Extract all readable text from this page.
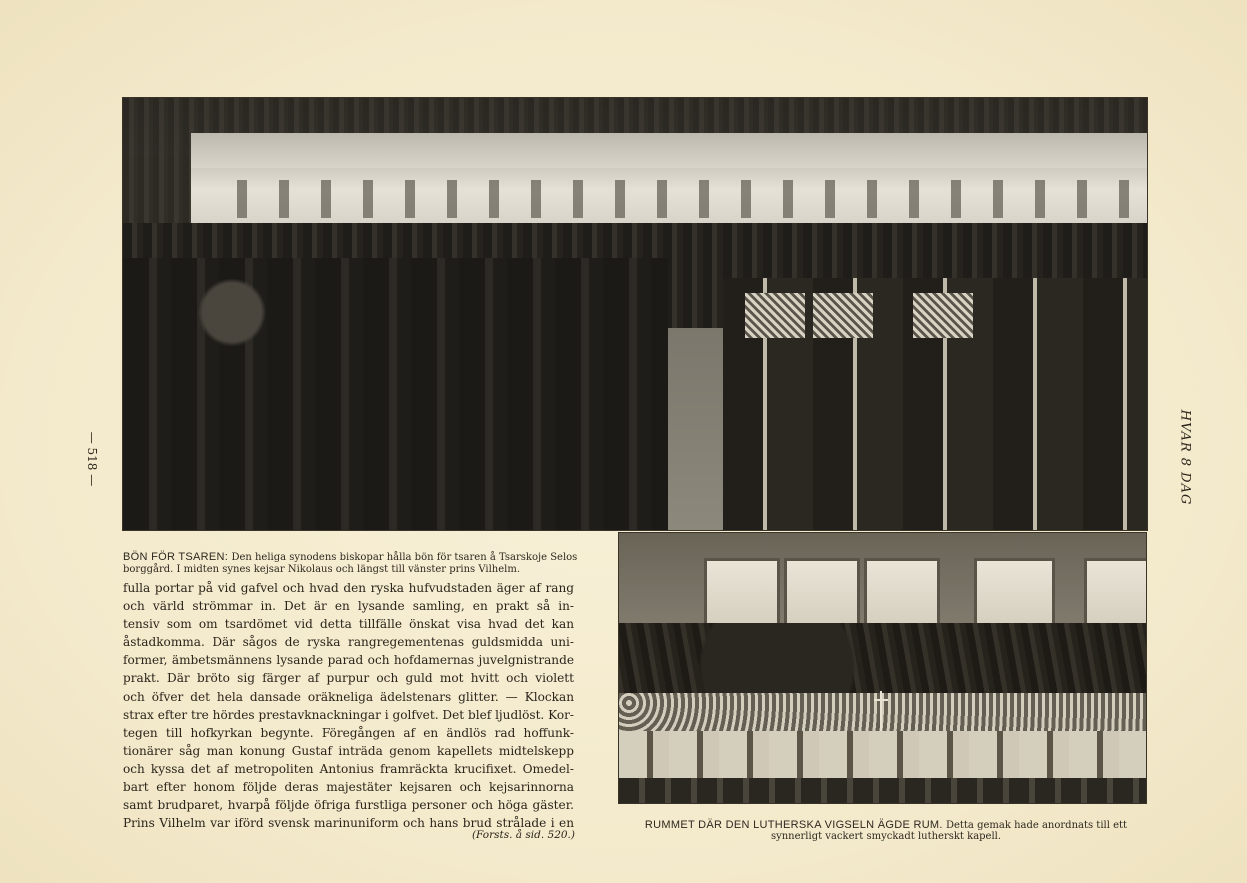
BÖN FÖR TSAREN: Den heliga synodens biskopar hålla bön för tsaren å Tsarskoje Selos borggård. I midten synes kejsar Nikolaus och längst till vänster prins Vilhelm.
fulla portar på vid gafvel och hvad den ryska hufvudstaden äger af rang
och värld strömmar in. Det är en lysande samling, en prakt så in-
tensiv som om tsardömet vid detta tillfälle önskat visa hvad det kan
åstadkomma. Där sågos de ryska rangregementenas guldsmidda uni-
former, ämbetsmännens lysande parad och hofdamernas juvelgnistrande
prakt. Där bröto sig färger af purpur och guld mot hvitt och violett
och öfver det hela dansade oräkneliga ädelstenars glitter. — Klockan
strax efter tre hördes prestavknackningar i golfvet. Det blef ljudlöst. Kor-
tegen till hofkyrkan begynte. Föregången af en ändlös rad hoffunk-
tionärer såg man konung Gustaf inträda genom kapellets midtelskepp
och kyssa det af metropoliten Antonius framräckta krucifixet. Omedel-
bart efter honom följde deras majestäter kejsaren och kejsarinnorna
samt brudparet, hvarpå följde öfriga furstliga personer och höga gäster.
Prins Vilhelm var iförd svensk marinuniform och hans brud strålade i en
(Forsts. å sid. 520.)
RUMMET DÄR DEN LUTHERSKA VIGSELN ÄGDE RUM. Detta gemak hade anordnats till ett synnerligt vackert smyckadt lutherskt kapell.
— 518 —	HVAR 8 DAG
